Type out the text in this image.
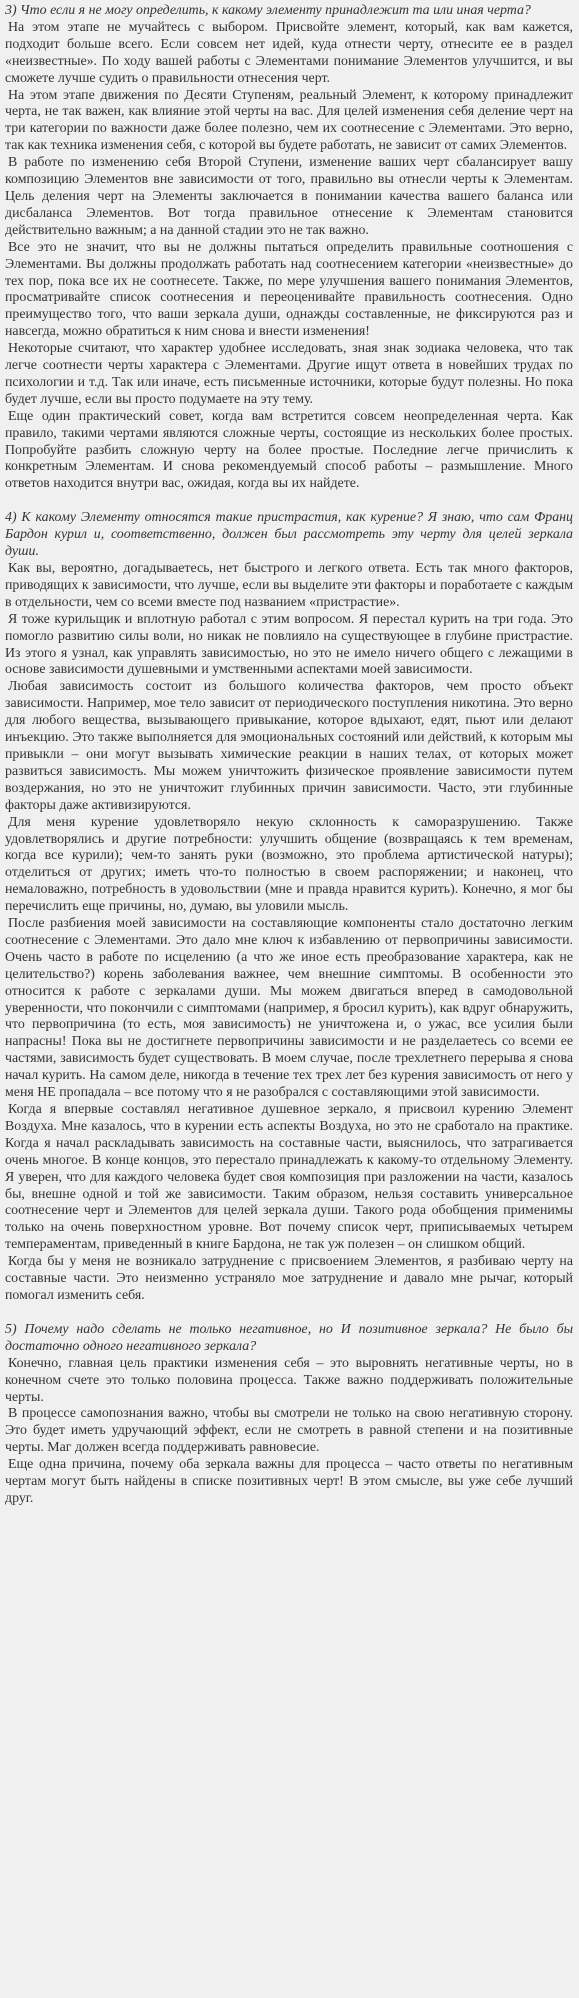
3) Что если я не могу определить, к какому элементу принадлежит та или иная черта?

На этом этапе не мучайтесь с выбором. Присвойте элемент, который, как вам кажется, подходит больше всего. Если совсем нет идей, куда отнести черту, отнесите ее в раздел «неизвестные». По ходу вашей работы с Элементами понимание Элементов улучшится, и вы сможете лучше судить о правильности отнесения черт.

На этом этапе движения по Десяти Ступеням, реальный Элемент, к которому принадлежит черта, не так важен, как влияние этой черты на вас. Для целей изменения себя деление черт на три категории по важности даже более полезно, чем их соотнесение с Элементами. Это верно, так как техника изменения себя, с которой вы будете работать, не зависит от самих Элементов.

В работе по изменению себя Второй Ступени, изменение ваших черт сбалансирует вашу композицию Элементов вне зависимости от того, правильно вы отнесли черты к Элементам. Цель деления черт на Элементы заключается в понимании качества вашего баланса или дисбаланса Элементов. Вот тогда правильное отнесение к Элементам становится действительно важным; а на данной стадии это не так важно.

Все это не значит, что вы не должны пытаться определить правильные соотношения с Элементами. Вы должны продолжать работать над соотнесением категории «неизвестные» до тех пор, пока все их не соотнесете. Также, по мере улучшения вашего понимания Элементов, просматривайте список соотнесения и переоценивайте правильность соотнесения. Одно преимущество того, что ваши зеркала души, однажды составленные, не фиксируются раз и навсегда, можно обратиться к ним снова и внести изменения!

Некоторые считают, что характер удобнее исследовать, зная знак зодиака человека, что так легче соотнести черты характера с Элементами. Другие ищут ответа в новейших трудах по психологии и т.д. Так или иначе, есть письменные источники, которые будут полезны. Но пока будет лучше, если вы просто подумаете на эту тему.

Еще один практический совет, когда вам встретится совсем неопределенная черта. Как правило, такими чертами являются сложные черты, состоящие из нескольких более простых. Попробуйте разбить сложную черту на более простые. Последние легче причислить к конкретным Элементам. И снова рекомендуемый способ работы – размышление. Много ответов находится внутри вас, ожидая, когда вы их найдете.

4) К какому Элементу относятся такие пристрастия, как курение? Я знаю, что сам Франц Бардон курил и, соответственно, должен был рассмотреть эту черту для целей зеркала души.

Как вы, вероятно, догадываетесь, нет быстрого и легкого ответа. Есть так много факторов, приводящих к зависимости, что лучше, если вы выделите эти факторы и поработаете с каждым в отдельности, чем со всеми вместе под названием «пристрастие».

Я тоже курильщик и вплотную работал с этим вопросом. Я перестал курить на три года. Это помогло развитию силы воли, но никак не повлияло на существующее в глубине пристрастие. Из этого я узнал, как управлять зависимостью, но это не имело ничего общего с лежащими в основе зависимости душевными и умственными аспектами моей зависимости.

Любая зависимость состоит из большого количества факторов, чем просто объект зависимости. Например, мое тело зависит от периодического поступления никотина. Это верно для любого вещества, вызывающего привыкание, которое вдыхают, едят, пьют или делают инъекцию. Это также выполняется для эмоциональных состояний или действий, к которым мы привыкли – они могут вызывать химические реакции в наших телах, от которых может развиться зависимость. Мы можем уничтожить физическое проявление зависимости путем воздержания, но это не уничтожит глубинных причин зависимости. Часто, эти глубинные факторы даже активизируются.

Для меня курение удовлетворяло некую склонность к саморазрушению. Также удовлетворялись и другие потребности: улучшить общение (возвращаясь к тем временам, когда все курили); чем-то занять руки (возможно, это проблема артистической натуры); отделиться от других; иметь что-то полностью в своем распоряжении; и наконец, что немаловажно, потребность в удовольствии (мне и правда нравится курить). Конечно, я мог бы перечислить еще причины, но, думаю, вы уловили мысль.

После разбиения моей зависимости на составляющие компоненты стало достаточно легким соотнесение с Элементами. Это дало мне ключ к избавлению от первопричины зависимости. Очень часто в работе по исцелению (а что же иное есть преобразование характера, как не целительство?) корень заболевания важнее, чем внешние симптомы. В особенности это относится к работе с зеркалами души. Мы можем двигаться вперед в самодовольной уверенности, что покончили с симптомами (например, я бросил курить), как вдруг обнаружить, что первопричина (то есть, моя зависимость) не уничтожена и, о ужас, все усилия были напрасны! Пока вы не достигнете первопричины зависимости и не разделаетесь со всеми ее частями, зависимость будет существовать. В моем случае, после трехлетнего перерыва я снова начал курить. На самом деле, никогда в течение тех трех лет без курения зависимость от него у меня НЕ пропадала – все потому что я не разобрался с составляющими этой зависимости.

Когда я впервые составлял негативное душевное зеркало, я присвоил курению Элемент Воздуха. Мне казалось, что в курении есть аспекты Воздуха, но это не сработало на практике. Когда я начал раскладывать зависимость на составные части, выяснилось, что затрагивается очень многое. В конце концов, это перестало принадлежать к какому-то отдельному Элементу. Я уверен, что для каждого человека будет своя композиция при разложении на части, казалось бы, внешне одной и той же зависимости. Таким образом, нельзя составить универсальное соотнесение черт и Элементов для целей зеркала души. Такого рода обобщения применимы только на очень поверхностном уровне. Вот почему список черт, приписываемых четырем темпераментам, приведенный в книге Бардона, не так уж полезен – он слишком общий.

Когда бы у меня не возникало затруднение с присвоением Элементов, я разбиваю черту на составные части. Это неизменно устраняло мое затруднение и давало мне рычаг, который помогал изменить себя.

5) Почему надо сделать не только негативное, но И позитивное зеркала? Не было бы достаточно одного негативного зеркала?

Конечно, главная цель практики изменения себя – это выровнять негативные черты, но в конечном счете это только половина процесса. Также важно поддерживать положительные черты.

В процессе самопознания важно, чтобы вы смотрели не только на свою негативную сторону. Это будет иметь удручающий эффект, если не смотреть в равной степени и на позитивные черты. Маг должен всегда поддерживать равновесие.

Еще одна причина, почему оба зеркала важны для процесса – часто ответы по негативным чертам могут быть найдены в списке позитивных черт! В этом смысле, вы уже себе лучший друг.
